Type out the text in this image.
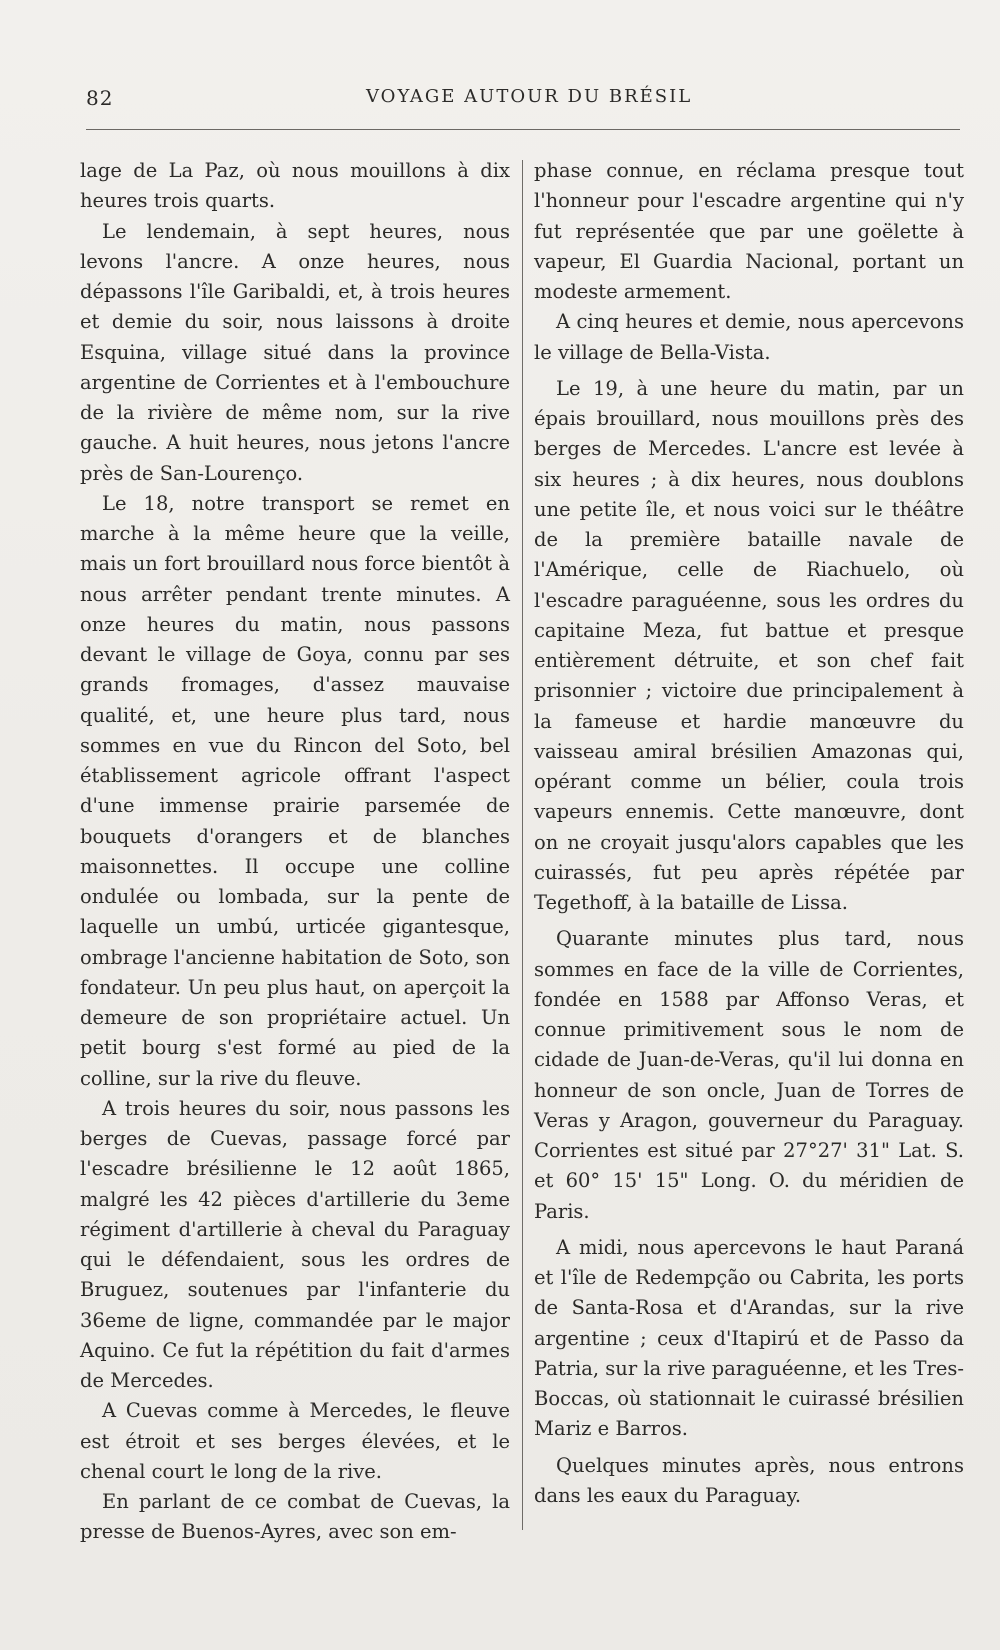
82	VOYAGE AUTOUR DU BRÉSIL

lage de La Paz, où nous mouillons à dix heures trois quarts.

Le lendemain, à sept heures, nous levons l'ancre. A onze heures, nous dépassons l'île Garibaldi, et, à trois heures et demie du soir, nous laissons à droite Esquina, village situé dans la province argentine de Corrientes et à l'embouchure de la rivière de même nom, sur la rive gauche. A huit heures, nous jetons l'ancre près de San-Lourenço.

Le 18, notre transport se remet en marche à la même heure que la veille, mais un fort brouillard nous force bientôt à nous arrêter pendant trente minutes. A onze heures du matin, nous passons devant le village de Goya, connu par ses grands fromages, d'assez mauvaise qualité, et, une heure plus tard, nous sommes en vue du Rincon del Soto, bel établissement agricole offrant l'aspect d'une immense prairie parsemée de bouquets d'orangers et de blanches maisonnettes. Il occupe une colline ondulée ou lombada, sur la pente de laquelle un umbú, urticée gigantesque, ombrage l'ancienne habitation de Soto, son fondateur. Un peu plus haut, on aperçoit la demeure de son propriétaire actuel. Un petit bourg s'est formé au pied de la colline, sur la rive du fleuve.

A trois heures du soir, nous passons les berges de Cuevas, passage forcé par l'escadre brésilienne le 12 août 1865, malgré les 42 pièces d'artillerie du 3eme régiment d'artillerie à cheval du Paraguay qui le défendaient, sous les ordres de Bruguez, soutenues par l'infanterie du 36eme de ligne, commandée par le major Aquino. Ce fut la répétition du fait d'armes de Mercedes.

A Cuevas comme à Mercedes, le fleuve est étroit et ses berges élevées, et le chenal court le long de la rive.

En parlant de ce combat de Cuevas, la presse de Buenos-Ayres, avec son em-

phase connue, en réclama presque tout l'honneur pour l'escadre argentine qui n'y fut représentée que par une goëlette à vapeur, El Guardia Nacional, portant un modeste armement.

A cinq heures et demie, nous apercevons le village de Bella-Vista.

Le 19, à une heure du matin, par un épais brouillard, nous mouillons près des berges de Mercedes. L'ancre est levée à six heures ; à dix heures, nous doublons une petite île, et nous voici sur le théâtre de la première bataille navale de l'Amérique, celle de Riachuelo, où l'escadre paraguéenne, sous les ordres du capitaine Meza, fut battue et presque entièrement détruite, et son chef fait prisonnier ; victoire due principalement à la fameuse et hardie manœuvre du vaisseau amiral brésilien Amazonas qui, opérant comme un bélier, coula trois vapeurs ennemis. Cette manœuvre, dont on ne croyait jusqu'alors capables que les cuirassés, fut peu après répétée par Tegethoff, à la bataille de Lissa.

Quarante minutes plus tard, nous sommes en face de la ville de Corrientes, fondée en 1588 par Affonso Veras, et connue primitivement sous le nom de cidade de Juan-de-Veras, qu'il lui donna en honneur de son oncle, Juan de Torres de Veras y Aragon, gouverneur du Paraguay. Corrientes est situé par 27°27' 31" Lat. S. et 60° 15' 15" Long. O. du méridien de Paris.

A midi, nous apercevons le haut Paraná et l'île de Redempção ou Cabrita, les ports de Santa-Rosa et d'Arandas, sur la rive argentine ; ceux d'Itapirú et de Passo da Patria, sur la rive paraguéenne, et les Tres-Boccas, où stationnait le cuirassé brésilien Mariz e Barros.

Quelques minutes après, nous entrons dans les eaux du Paraguay.
